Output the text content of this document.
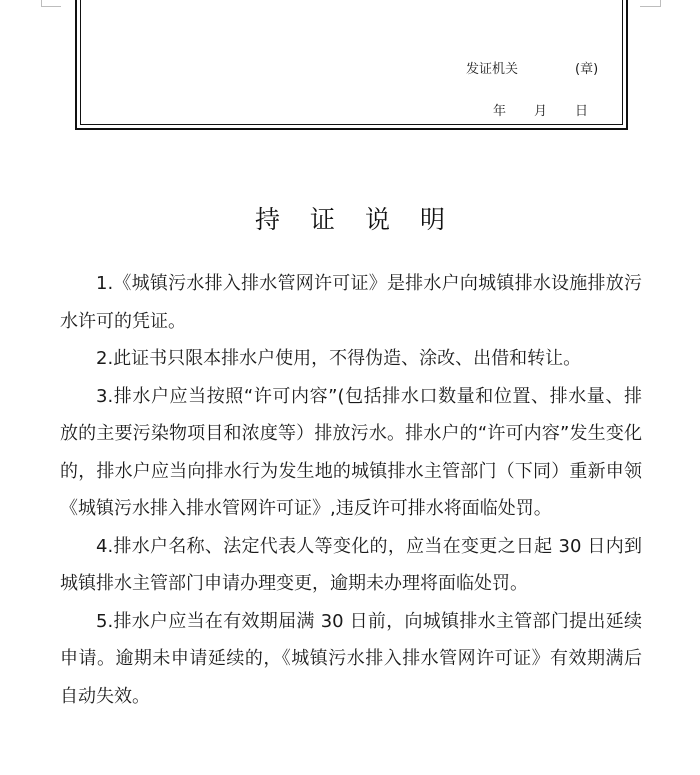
发证机关	(章)
年 月 日
持证说明

1.《城镇污水排入排水管网许可证》是排水户向城镇排水设施排放污水许可的凭证。

2.此证书只限本排水户使用，不得伪造、涂改、出借和转让。

3.排水户应当按照“许可内容”(包括排水口数量和位置、排水量、排放的主要污染物项目和浓度等）排放污水。排水户的“许可内容”发生变化的，排水户应当向排水行为发生地的城镇排水主管部门（下同）重新申领《城镇污水排入排水管网许可证》,违反许可排水将面临处罚。

4.排水户名称、法定代表人等变化的，应当在变更之日起 30 日内到城镇排水主管部门申请办理变更，逾期未办理将面临处罚。

5.排水户应当在有效期届满 30 日前，向城镇排水主管部门提出延续申请。逾期未申请延续的，《城镇污水排入排水管网许可证》有效期满后自动失效。
